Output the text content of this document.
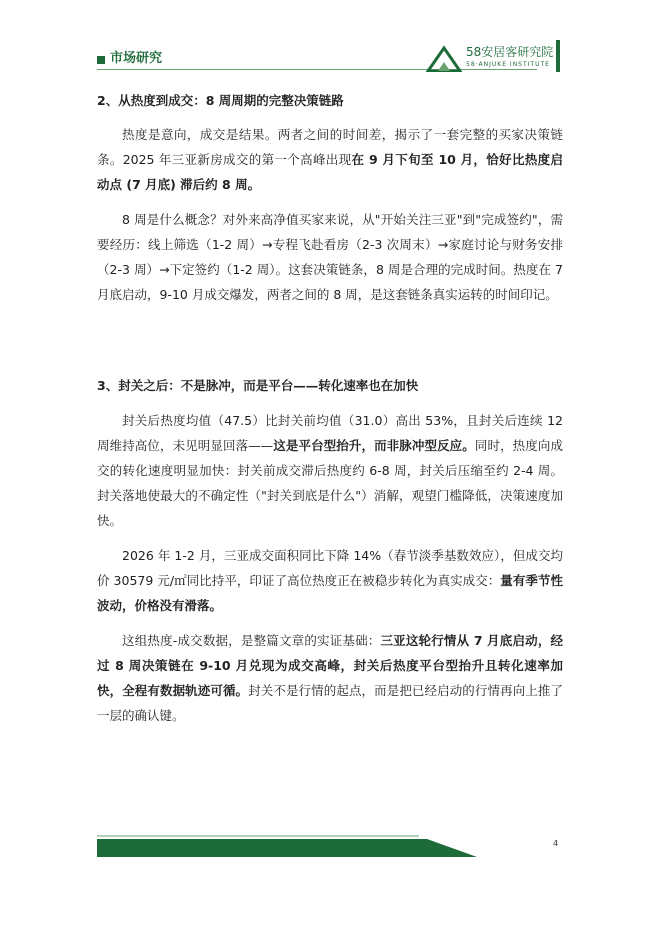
市场研究	58安居客研究院
58·ANJUKE INSTITUTE

2、从热度到成交：8 周周期的完整决策链路

热度是意向，成交是结果。两者之间的时间差，揭示了一套完整的买家决策链条。2025 年三亚新房成交的第一个高峰出现在 9 月下旬至 10 月，恰好比热度启动点 (7 月底) 滞后约 8 周。

8 周是什么概念？对外来高净值买家来说，从"开始关注三亚"到"完成签约"，需要经历：线上筛选（1-2 周）→专程飞赴看房（2-3 次周末）→家庭讨论与财务安排（2-3 周）→下定签约（1-2 周）。这套决策链条，8 周是合理的完成时间。热度在 7 月底启动，9-10 月成交爆发，两者之间的 8 周，是这套链条真实运转的时间印记。

3、封关之后：不是脉冲，而是平台——转化速率也在加快

封关后热度均值（47.5）比封关前均值（31.0）高出 53%，且封关后连续 12 周维持高位，未见明显回落——这是平台型抬升，而非脉冲型反应。同时，热度向成交的转化速度明显加快：封关前成交滞后热度约 6-8 周，封关后压缩至约 2-4 周。封关落地使最大的不确定性（"封关到底是什么"）消解，观望门槛降低，决策速度加快。

2026 年 1-2 月，三亚成交面积同比下降 14%（春节淡季基数效应），但成交均价 30579 元/㎡同比持平，印证了高位热度正在被稳步转化为真实成交：量有季节性波动，价格没有滑落。

这组热度-成交数据，是整篇文章的实证基础：三亚这轮行情从 7 月底启动，经过 8 周决策链在 9-10 月兑现为成交高峰，封关后热度平台型抬升且转化速率加快，全程有数据轨迹可循。封关不是行情的起点，而是把已经启动的行情再向上推了一层的确认键。

4
